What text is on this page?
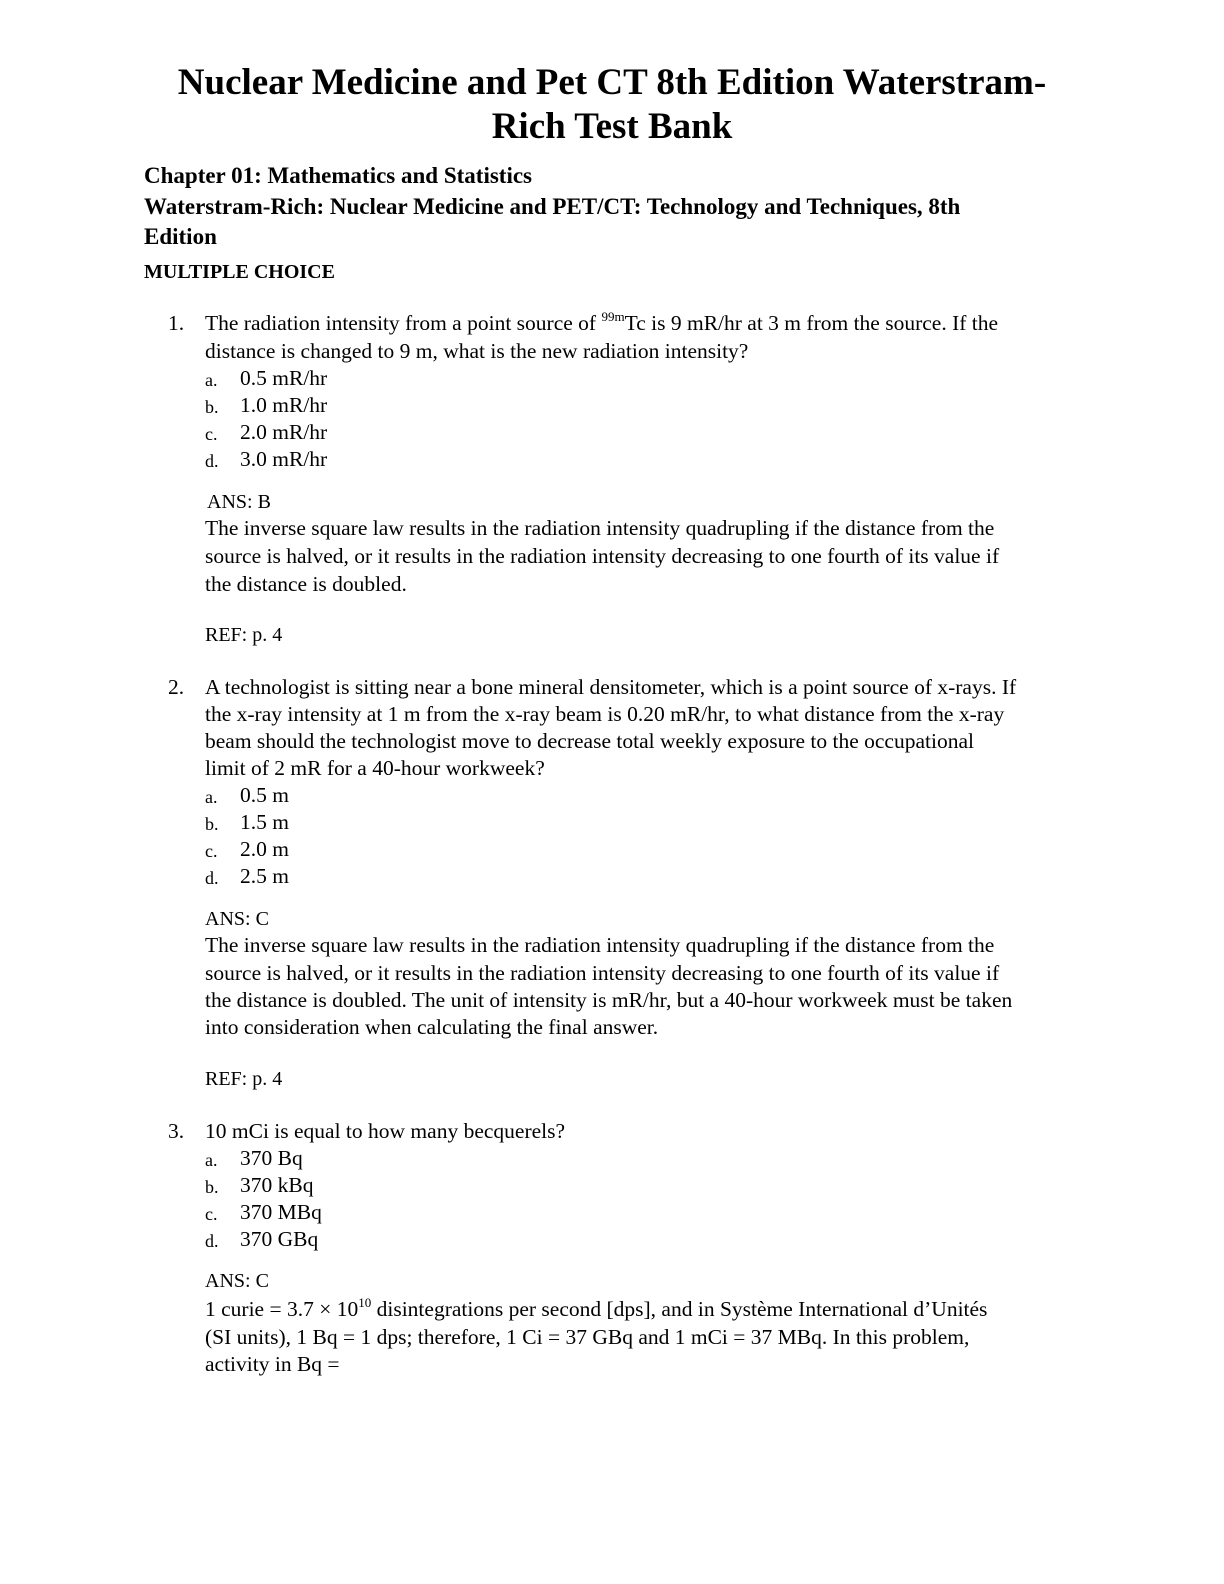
Nuclear Medicine and Pet CT 8th Edition Waterstram-
Rich Test Bank
Chapter 01: Mathematics and Statistics
Waterstram-Rich: Nuclear Medicine and PET/CT: Technology and Techniques, 8th
Edition
MULTIPLE CHOICE
1. The radiation intensity from a point source of $^{99m}$Tc is 9 mR/hr at 3 m from the source. If the
distance is changed to 9 m, what is the new radiation intensity?
a. 0.5 mR/hr
b. 1.0 mR/hr
c. 2.0 mR/hr
d. 3.0 mR/hr
ANS: B
The inverse square law results in the radiation intensity quadrupling if the distance from the
source is halved, or it results in the radiation intensity decreasing to one fourth of its value if
the distance is doubled.
REF: p. 4
2. A technologist is sitting near a bone mineral densitometer, which is a point source of x-rays. If
the x-ray intensity at 1 m from the x-ray beam is 0.20 mR/hr, to what distance from the x-ray
beam should the technologist move to decrease total weekly exposure to the occupational
limit of 2 mR for a 40-hour workweek?
a. 0.5 m
b. 1.5 m
c. 2.0 m
d. 2.5 m
ANS: C
The inverse square law results in the radiation intensity quadrupling if the distance from the
source is halved, or it results in the radiation intensity decreasing to one fourth of its value if
the distance is doubled. The unit of intensity is mR/hr, but a 40-hour workweek must be taken
into consideration when calculating the final answer.
REF: p. 4
3. 10 mCi is equal to how many becquerels?
a. 370 Bq
b. 370 kBq
c. 370 MBq
d. 370 GBq
ANS: C
1 curie = $3.7 \times 10^{10}$ disintegrations per second [dps], and in Système International d’Unités
(SI units), 1 Bq = 1 dps; therefore, 1 Ci = 37 GBq and 1 mCi = 37 MBq. In this problem,
activity in Bq =
